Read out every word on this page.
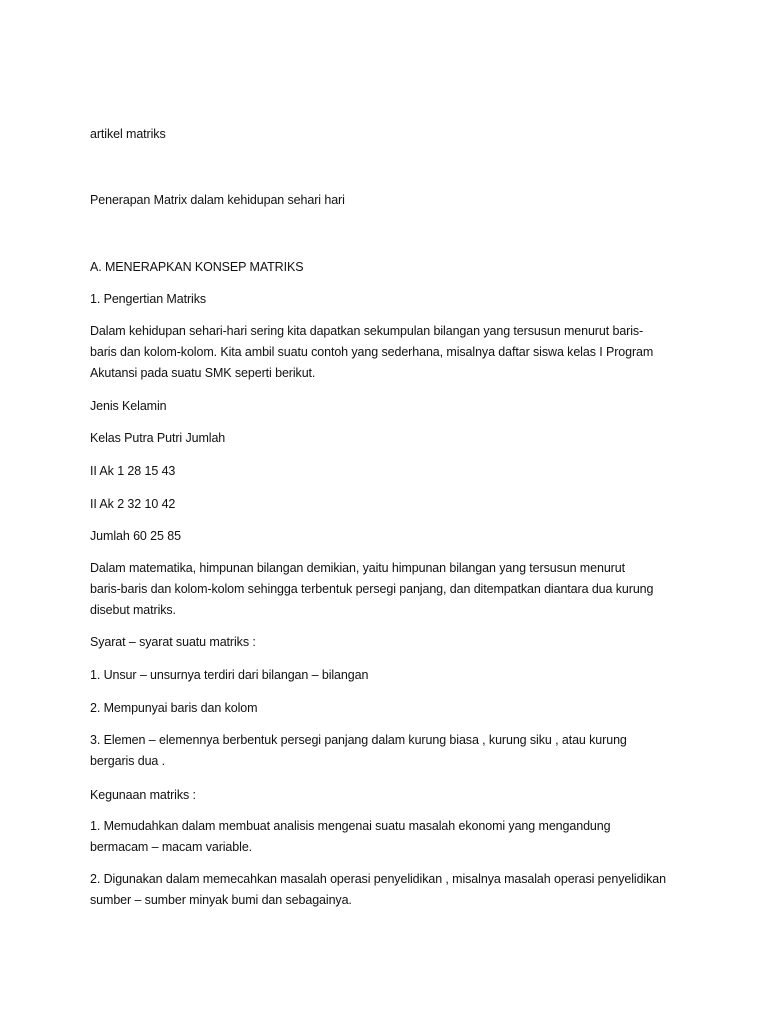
artikel matriks

Penerapan Matrix dalam kehidupan sehari hari

A. MENERAPKAN KONSEP MATRIKS

1. Pengertian Matriks

Dalam kehidupan sehari-hari sering kita dapatkan sekumpulan bilangan yang tersusun menurut baris-
baris dan kolom-kolom. Kita ambil suatu contoh yang sederhana, misalnya daftar siswa kelas I Program
Akutansi pada suatu SMK seperti berikut.

Jenis Kelamin

Kelas Putra Putri Jumlah

II Ak 1 28 15 43

II Ak 2 32 10 42

Jumlah 60 25 85

Dalam matematika, himpunan bilangan demikian, yaitu himpunan bilangan yang tersusun menurut
baris-baris dan kolom-kolom sehingga terbentuk persegi panjang, dan ditempatkan diantara dua kurung
disebut matriks.

Syarat – syarat suatu matriks :

1. Unsur – unsurnya terdiri dari bilangan – bilangan

2. Mempunyai baris dan kolom

3. Elemen – elemennya berbentuk persegi panjang dalam kurung biasa , kurung siku , atau kurung
bergaris dua .

Kegunaan matriks :

1. Memudahkan dalam membuat analisis mengenai suatu masalah ekonomi yang mengandung
bermacam – macam variable.

2. Digunakan dalam memecahkan masalah operasi penyelidikan , misalnya masalah operasi penyelidikan
sumber – sumber minyak bumi dan sebagainya.
